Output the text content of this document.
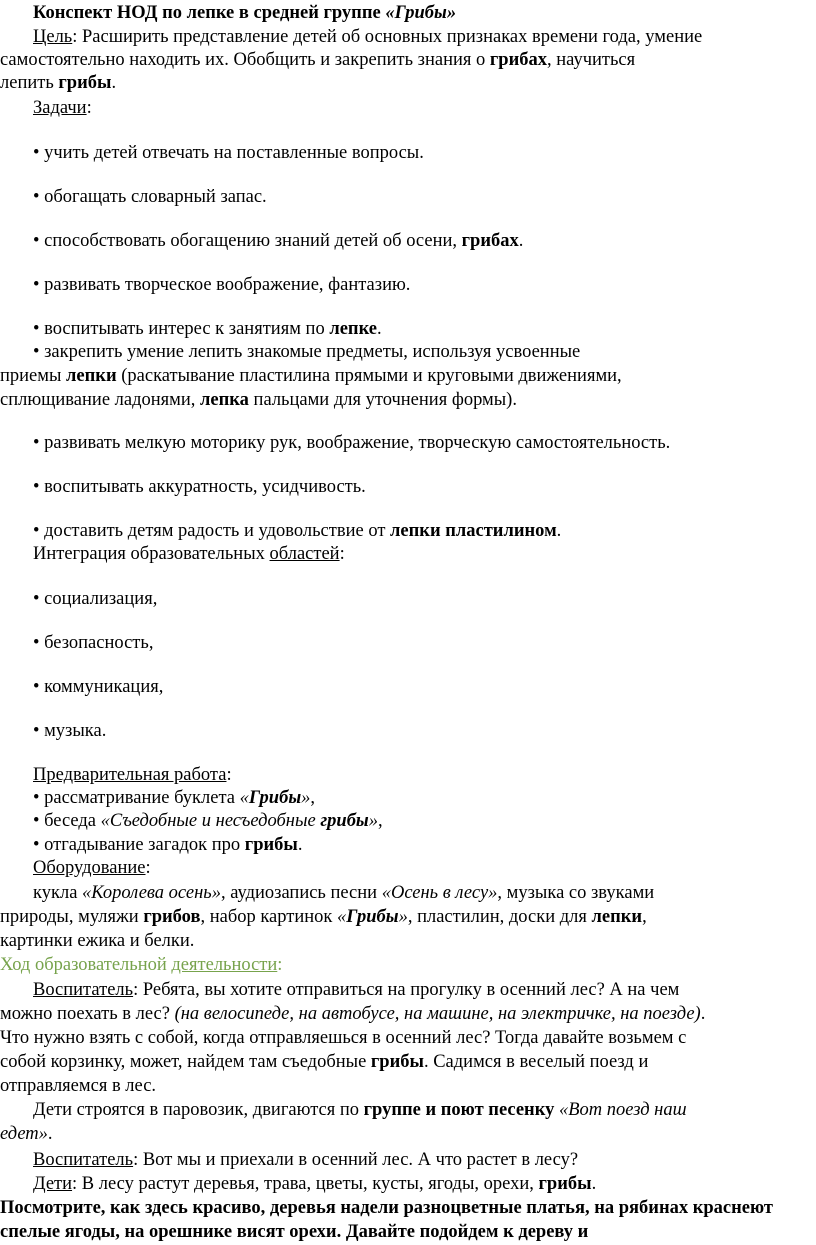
Конспект НОД по лепке в средней группе «Грибы»
Цель: Расширить представление детей об основных признаках времени года, умение
самостоятельно находить их. Обобщить и закрепить знания о грибах, научиться
лепить грибы.
Задачи:
• учить детей отвечать на поставленные вопросы.
• обогащать словарный запас.
• способствовать обогащению знаний детей об осени, грибах.
• развивать творческое воображение, фантазию.
• воспитывать интерес к занятиям по лепке.
• закрепить умение лепить знакомые предметы, используя усвоенные
приемы лепки (раскатывание пластилина прямыми и круговыми движениями,
сплющивание ладонями, лепка пальцами для уточнения формы).
• развивать мелкую моторику рук, воображение, творческую самостоятельность.
• воспитывать аккуратность, усидчивость.
• доставить детям радость и удовольствие от лепки пластилином.
Интеграция образовательных областей:
• социализация,
• безопасность,
• коммуникация,
• музыка.
Предварительная работа:
• рассматривание буклета «Грибы»,
• беседа «Съедобные и несъедобные грибы»,
• отгадывание загадок про грибы.
Оборудование:
кукла «Королева осень», аудиозапись песни «Осень в лесу», музыка со звуками
природы, муляжи грибов, набор картинок «Грибы», пластилин, доски для лепки,
картинки ежика и белки.
Ход образовательной деятельности:
Воспитатель: Ребята, вы хотите отправиться на прогулку в осенний лес? А на чем
можно поехать в лес? (на велосипеде, на автобусе, на машине, на электричке, на поезде).
Что нужно взять с собой, когда отправляешься в осенний лес? Тогда давайте возьмем с
собой корзинку, может, найдем там съедобные грибы. Садимся в веселый поезд и
отправляемся в лес.
Дети строятся в паровозик, двигаются по группе и поют песенку «Вот поезд наш
едет».
Воспитатель: Вот мы и приехали в осенний лес. А что растет в лесу?
Дети: В лесу растут деревья, трава, цветы, кусты, ягоды, орехи, грибы.
Посмотрите, как здесь красиво, деревья надели разноцветные платья, на рябинах краснеют
спелые ягоды, на орешнике висят орехи. Давайте подойдем к дереву и
